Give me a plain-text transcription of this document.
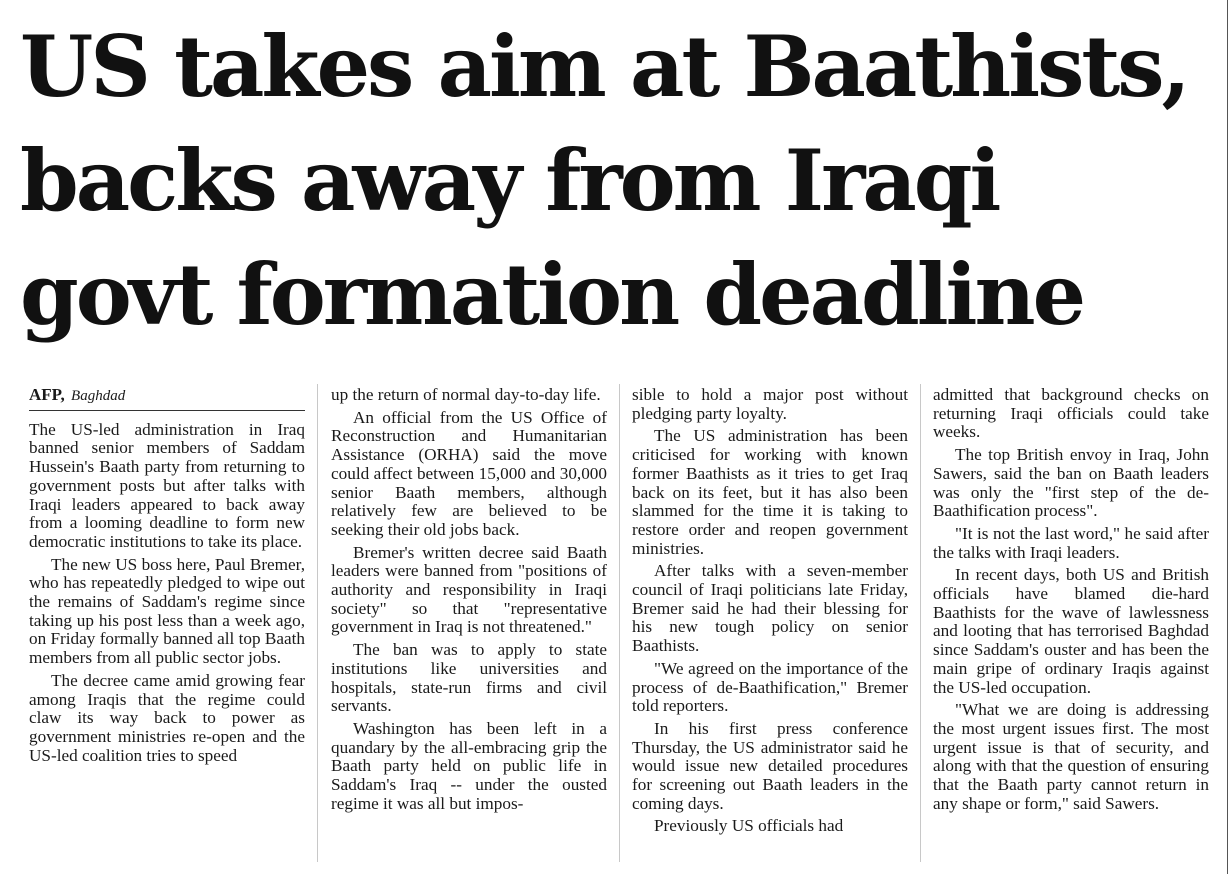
US takes aim at Baathists,
backs away from Iraqi
govt formation deadline
AFP, Baghdad

The US-led administration in Iraq banned senior members of Saddam Hussein's Baath party from returning to government posts but after talks with Iraqi leaders appeared to back away from a looming deadline to form new democratic institutions to take its place.

The new US boss here, Paul Bremer, who has repeatedly pledged to wipe out the remains of Saddam's regime since taking up his post less than a week ago, on Friday formally banned all top Baath members from all public sector jobs.

The decree came amid growing fear among Iraqis that the regime could claw its way back to power as government ministries re-open and the US-led coalition tries to speed

up the return of normal day-to-day life.

An official from the US Office of Reconstruction and Humanitarian Assistance (ORHA) said the move could affect between 15,000 and 30,000 senior Baath members, although relatively few are believed to be seeking their old jobs back.

Bremer's written decree said Baath leaders were banned from "positions of authority and responsibility in Iraqi society" so that "representative government in Iraq is not threatened."

The ban was to apply to state institutions like universities and hospitals, state-run firms and civil servants.

Washington has been left in a quandary by the all-embracing grip the Baath party held on public life in Saddam's Iraq -- under the ousted regime it was all but impos-

sible to hold a major post without pledging party loyalty.

The US administration has been criticised for working with known former Baathists as it tries to get Iraq back on its feet, but it has also been slammed for the time it is taking to restore order and reopen government ministries.

After talks with a seven-member council of Iraqi politicians late Friday, Bremer said he had their blessing for his new tough policy on senior Baathists.

"We agreed on the importance of the process of de-Baathification," Bremer told reporters.

In his first press conference Thursday, the US administrator said he would issue new detailed procedures for screening out Baath leaders in the coming days.

Previously US officials had

admitted that background checks on returning Iraqi officials could take weeks.

The top British envoy in Iraq, John Sawers, said the ban on Baath leaders was only the "first step of the de-Baathification process".

"It is not the last word," he said after the talks with Iraqi leaders.

In recent days, both US and British officials have blamed die-hard Baathists for the wave of lawlessness and looting that has terrorised Baghdad since Saddam's ouster and has been the main gripe of ordinary Iraqis against the US-led occupation.

"What we are doing is addressing the most urgent issues first. The most urgent issue is that of security, and along with that the question of ensuring that the Baath party cannot return in any shape or form," said Sawers.
